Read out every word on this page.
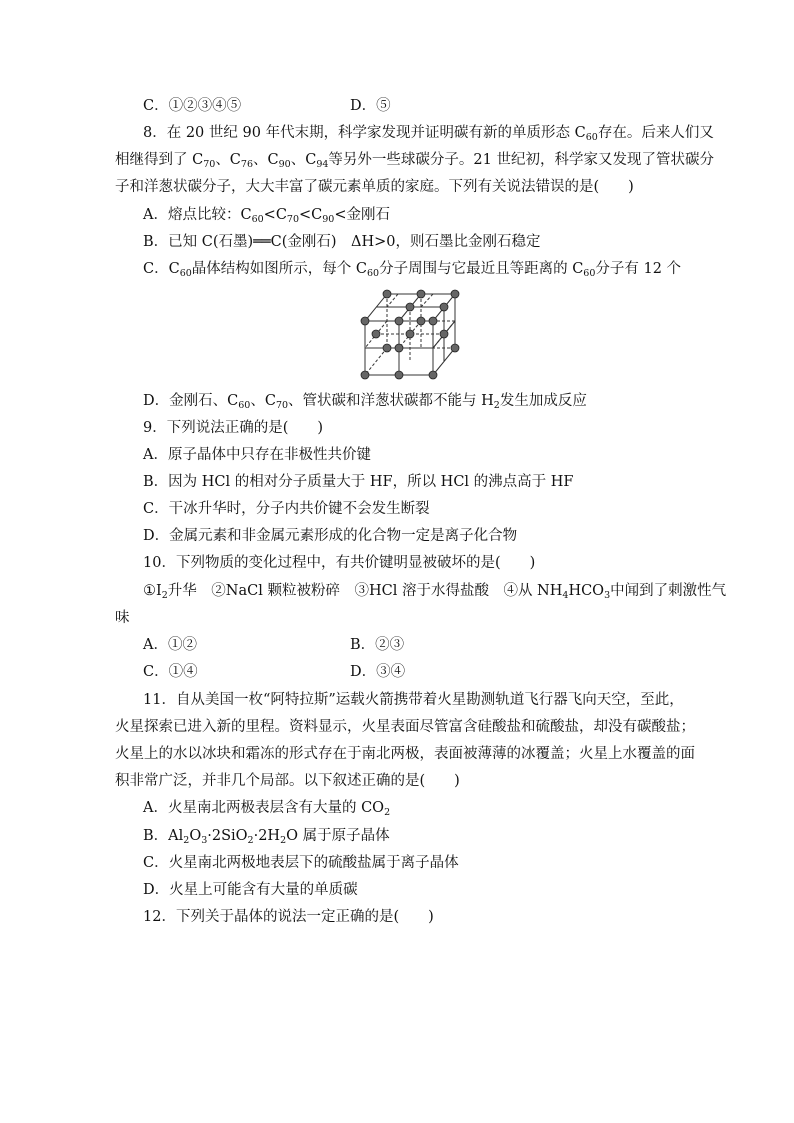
C．①②③④⑤	D．⑤
8．在 20 世纪 90 年代末期，科学家发现并证明碳有新的单质形态 $C_{60}$存在。后来人们又
相继得到了 $C_{70}$、$C_{76}$、$C_{90}$、$C_{94}$等另外一些球碳分子。21 世纪初，科学家又发现了管状碳分
子和洋葱状碳分子，大大丰富了碳元素单质的家庭。下列有关说法错误的是(　　)
A．熔点比较：$C_{60}<C_{70}<C_{90}<$金刚石
B．已知 C(石墨)══C(金刚石)　ΔH>0，则石墨比金刚石稳定
C．$C_{60}$晶体结构如图所示，每个 $C_{60}$分子周围与它最近且等距离的 $C_{60}$分子有 12 个
D．金刚石、$C_{60}$、$C_{70}$、管状碳和洋葱状碳都不能与 $H_2$发生加成反应
9．下列说法正确的是(　　)
A．原子晶体中只存在非极性共价键
B．因为 HCl 的相对分子质量大于 HF，所以 HCl 的沸点高于 HF
C．干冰升华时，分子内共价键不会发生断裂
D．金属元素和非金属元素形成的化合物一定是离子化合物
10．下列物质的变化过程中，有共价键明显被破坏的是(　　)
$①I_2$升华　②NaCl 颗粒被粉碎　③HCl 溶于水得盐酸　④从 $NH_4HCO_3$中闻到了刺激性气
味
A．①②	B．②③
C．①④	D．③④
11．自从美国一枚“阿特拉斯”运载火箭携带着火星勘测轨道飞行器飞向天空，至此，
火星探索已进入新的里程。资料显示，火星表面尽管富含硅酸盐和硫酸盐，却没有碳酸盐；
火星上的水以冰块和霜冻的形式存在于南北两极，表面被薄薄的冰覆盖；火星上水覆盖的面
积非常广泛，并非几个局部。以下叙述正确的是(　　)
A．火星南北两极表层含有大量的 $CO_2$
B．$Al_2O_3\cdot 2SiO_2\cdot 2H_2O$ 属于原子晶体
C．火星南北两极地表层下的硫酸盐属于离子晶体
D．火星上可能含有大量的单质碳
12．下列关于晶体的说法一定正确的是(　　)
